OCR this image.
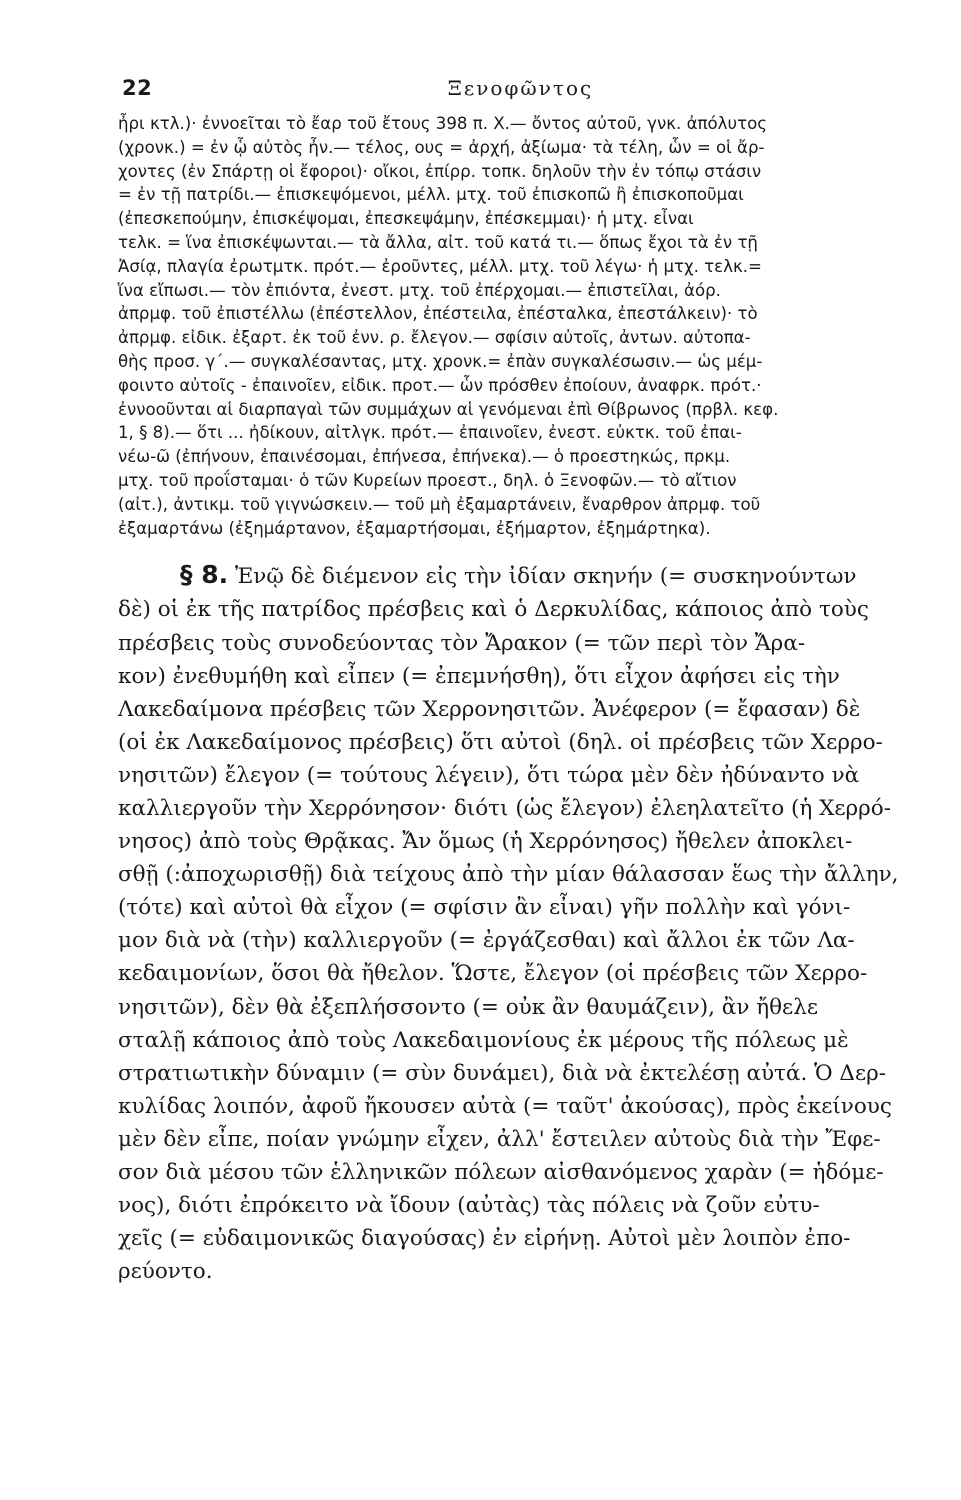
22	Ξενοφῶντος

ἦρι κτλ.)· ἐννοεῖται τὸ ἔαρ τοῦ ἔτους 398 π. Χ.— ὄντος αὐτοῦ, γνκ. ἀπόλυτος

(χρονκ.) = ἐν ᾧ αὐτὸς ἦν.— τέλος, ους = ἀρχή, ἀξίωμα· τὰ τέλη, ὧν = οἱ ἄρ-

χοντες (ἐν Σπάρτῃ οἱ ἔφοροι)· οἴκοι, ἐπίρρ. τοπκ. δηλοῦν τὴν ἐν τόπῳ στάσιν

= ἐν τῇ πατρίδι.— ἐπισκεψόμενοι, μέλλ. μτχ. τοῦ ἐπισκοπῶ ἢ ἐπισκοποῦμαι

(ἐπεσκεπούμην, ἐπισκέψομαι, ἐπεσκεψάμην, ἐπέσκεμμαι)· ἡ μτχ. εἶναι

τελκ. = ἵνα ἐπισκέψωνται.— τὰ ἄλλα, αἰτ. τοῦ κατά τι.— ὅπως ἔχοι τὰ ἐν τῇ

Ἀσίᾳ, πλαγία ἐρωτμτκ. πρότ.— ἐροῦντες, μέλλ. μτχ. τοῦ λέγω· ἡ μτχ. τελκ.=

ἵνα εἴπωσι.— τὸν ἐπιόντα, ἐνεστ. μτχ. τοῦ ἐπέρχομαι.— ἐπιστεῖλαι, ἀόρ.

ἀπρμφ. τοῦ ἐπιστέλλω (ἐπέστελλον, ἐπέστειλα, ἐπέσταλκα, ἐπεστάλκειν)· τὸ

ἀπρμφ. εἰδικ. ἐξαρτ. ἐκ τοῦ ἐνν. ρ. ἔλεγον.— σφίσιν αὐτοῖς, ἀντων. αὐτοπα-

θὴς προσ. γ΄.— συγκαλέσαντας, μτχ. χρονκ.= ἐπὰν συγκαλέσωσιν.— ὡς μέμ-

φοιντο αὐτοῖς - ἐπαινοῖεν, εἰδικ. προτ.— ὧν πρόσθεν ἐποίουν, ἀναφρκ. πρότ.·

ἐννοοῦνται αἱ διαρπαγαὶ τῶν συμμάχων αἱ γενόμεναι ἐπὶ Θίβρωνος (πρβλ. κεφ.

1, § 8).— ὅτι ... ἠδίκουν, αἰτλγκ. πρότ.— ἐπαινοῖεν, ἐνεστ. εὐκτκ. τοῦ ἐπαι-

νέω-ῶ (ἐπήνουν, ἐπαινέσομαι, ἐπήνεσα, ἐπήνεκα).— ὁ προεστηκώς, πρκμ.

μτχ. τοῦ προΐσταμαι· ὁ τῶν Κυρείων προεστ., δηλ. ὁ Ξενοφῶν.— τὸ αἴτιον

(αἰτ.), ἀντικμ. τοῦ γιγνώσκειν.— τοῦ μὴ ἐξαμαρτάνειν, ἔναρθρον ἀπρμφ. τοῦ

ἐξαμαρτάνω (ἐξημάρτανον, ἐξαμαρτήσομαι, ἐξήμαρτον, ἐξημάρτηκα).

§ 8. Ἐνῷ δὲ διέμενον εἰς τὴν ἰδίαν σκηνήν (= συσκηνούντων

δὲ) οἱ ἐκ τῆς πατρίδος πρέσβεις καὶ ὁ Δερκυλίδας, κάποιος ἀπὸ τοὺς

πρέσβεις τοὺς συνοδεύοντας τὸν Ἄρακον (= τῶν περὶ τὸν Ἄρα-

κον) ἐνεθυμήθη καὶ εἶπεν (= ἐπεμνήσθη), ὅτι εἶχον ἀφήσει εἰς τὴν

Λακεδαίμονα πρέσβεις τῶν Χερρονησιτῶν. Ἀνέφερον (= ἔφασαν) δὲ

(οἱ ἐκ Λακεδαίμονος πρέσβεις) ὅτι αὐτοὶ (δηλ. οἱ πρέσβεις τῶν Χερρο-

νησιτῶν) ἔλεγον (= τούτους λέγειν), ὅτι τώρα μὲν δὲν ἠδύναντο νὰ

καλλιεργοῦν τὴν Χερρόνησον· διότι (ὡς ἔλεγον) ἐλεηλατεῖτο (ἡ Χερρό-

νησος) ἀπὸ τοὺς Θρᾷκας. Ἄν ὅμως (ἡ Χερρόνησος) ἤθελεν ἀποκλει-

σθῇ (:ἀποχωρισθῇ) διὰ τείχους ἀπὸ τὴν μίαν θάλασσαν ἕως τὴν ἄλλην,

(τότε) καὶ αὐτοὶ θὰ εἶχον (= σφίσιν ἂν εἶναι) γῆν πολλὴν καὶ γόνι-

μον διὰ νὰ (τὴν) καλλιεργοῦν (= ἐργάζεσθαι) καὶ ἄλλοι ἐκ τῶν Λα-

κεδαιμονίων, ὅσοι θὰ ἤθελον. Ὥστε, ἔλεγον (οἱ πρέσβεις τῶν Χερρο-

νησιτῶν), δὲν θὰ ἐξεπλήσσοντο (= οὐκ ἂν θαυμάζειν), ἂν ἤθελε

σταλῇ κάποιος ἀπὸ τοὺς Λακεδαιμονίους ἐκ μέρους τῆς πόλεως μὲ

στρατιωτικὴν δύναμιν (= σὺν δυνάμει), διὰ νὰ ἐκτελέσῃ αὐτά. Ὁ Δερ-

κυλίδας λοιπόν, ἀφοῦ ἤκουσεν αὐτὰ (= ταῦτ' ἀκούσας), πρὸς ἐκείνους

μὲν δὲν εἶπε, ποίαν γνώμην εἶχεν, ἀλλ' ἔστειλεν αὐτοὺς διὰ τὴν Ἔφε-

σον διὰ μέσου τῶν ἑλληνικῶν πόλεων αἰσθανόμενος χαρὰν (= ἡδόμε-

νος), διότι ἐπρόκειτο νὰ ἴδουν (αὐτὰς) τὰς πόλεις νὰ ζοῦν εὐτυ-

χεῖς (= εὐδαιμονικῶς διαγούσας) ἐν εἰρήνῃ. Αὐτοὶ μὲν λοιπὸν ἐπο-

ρεύοντο.
